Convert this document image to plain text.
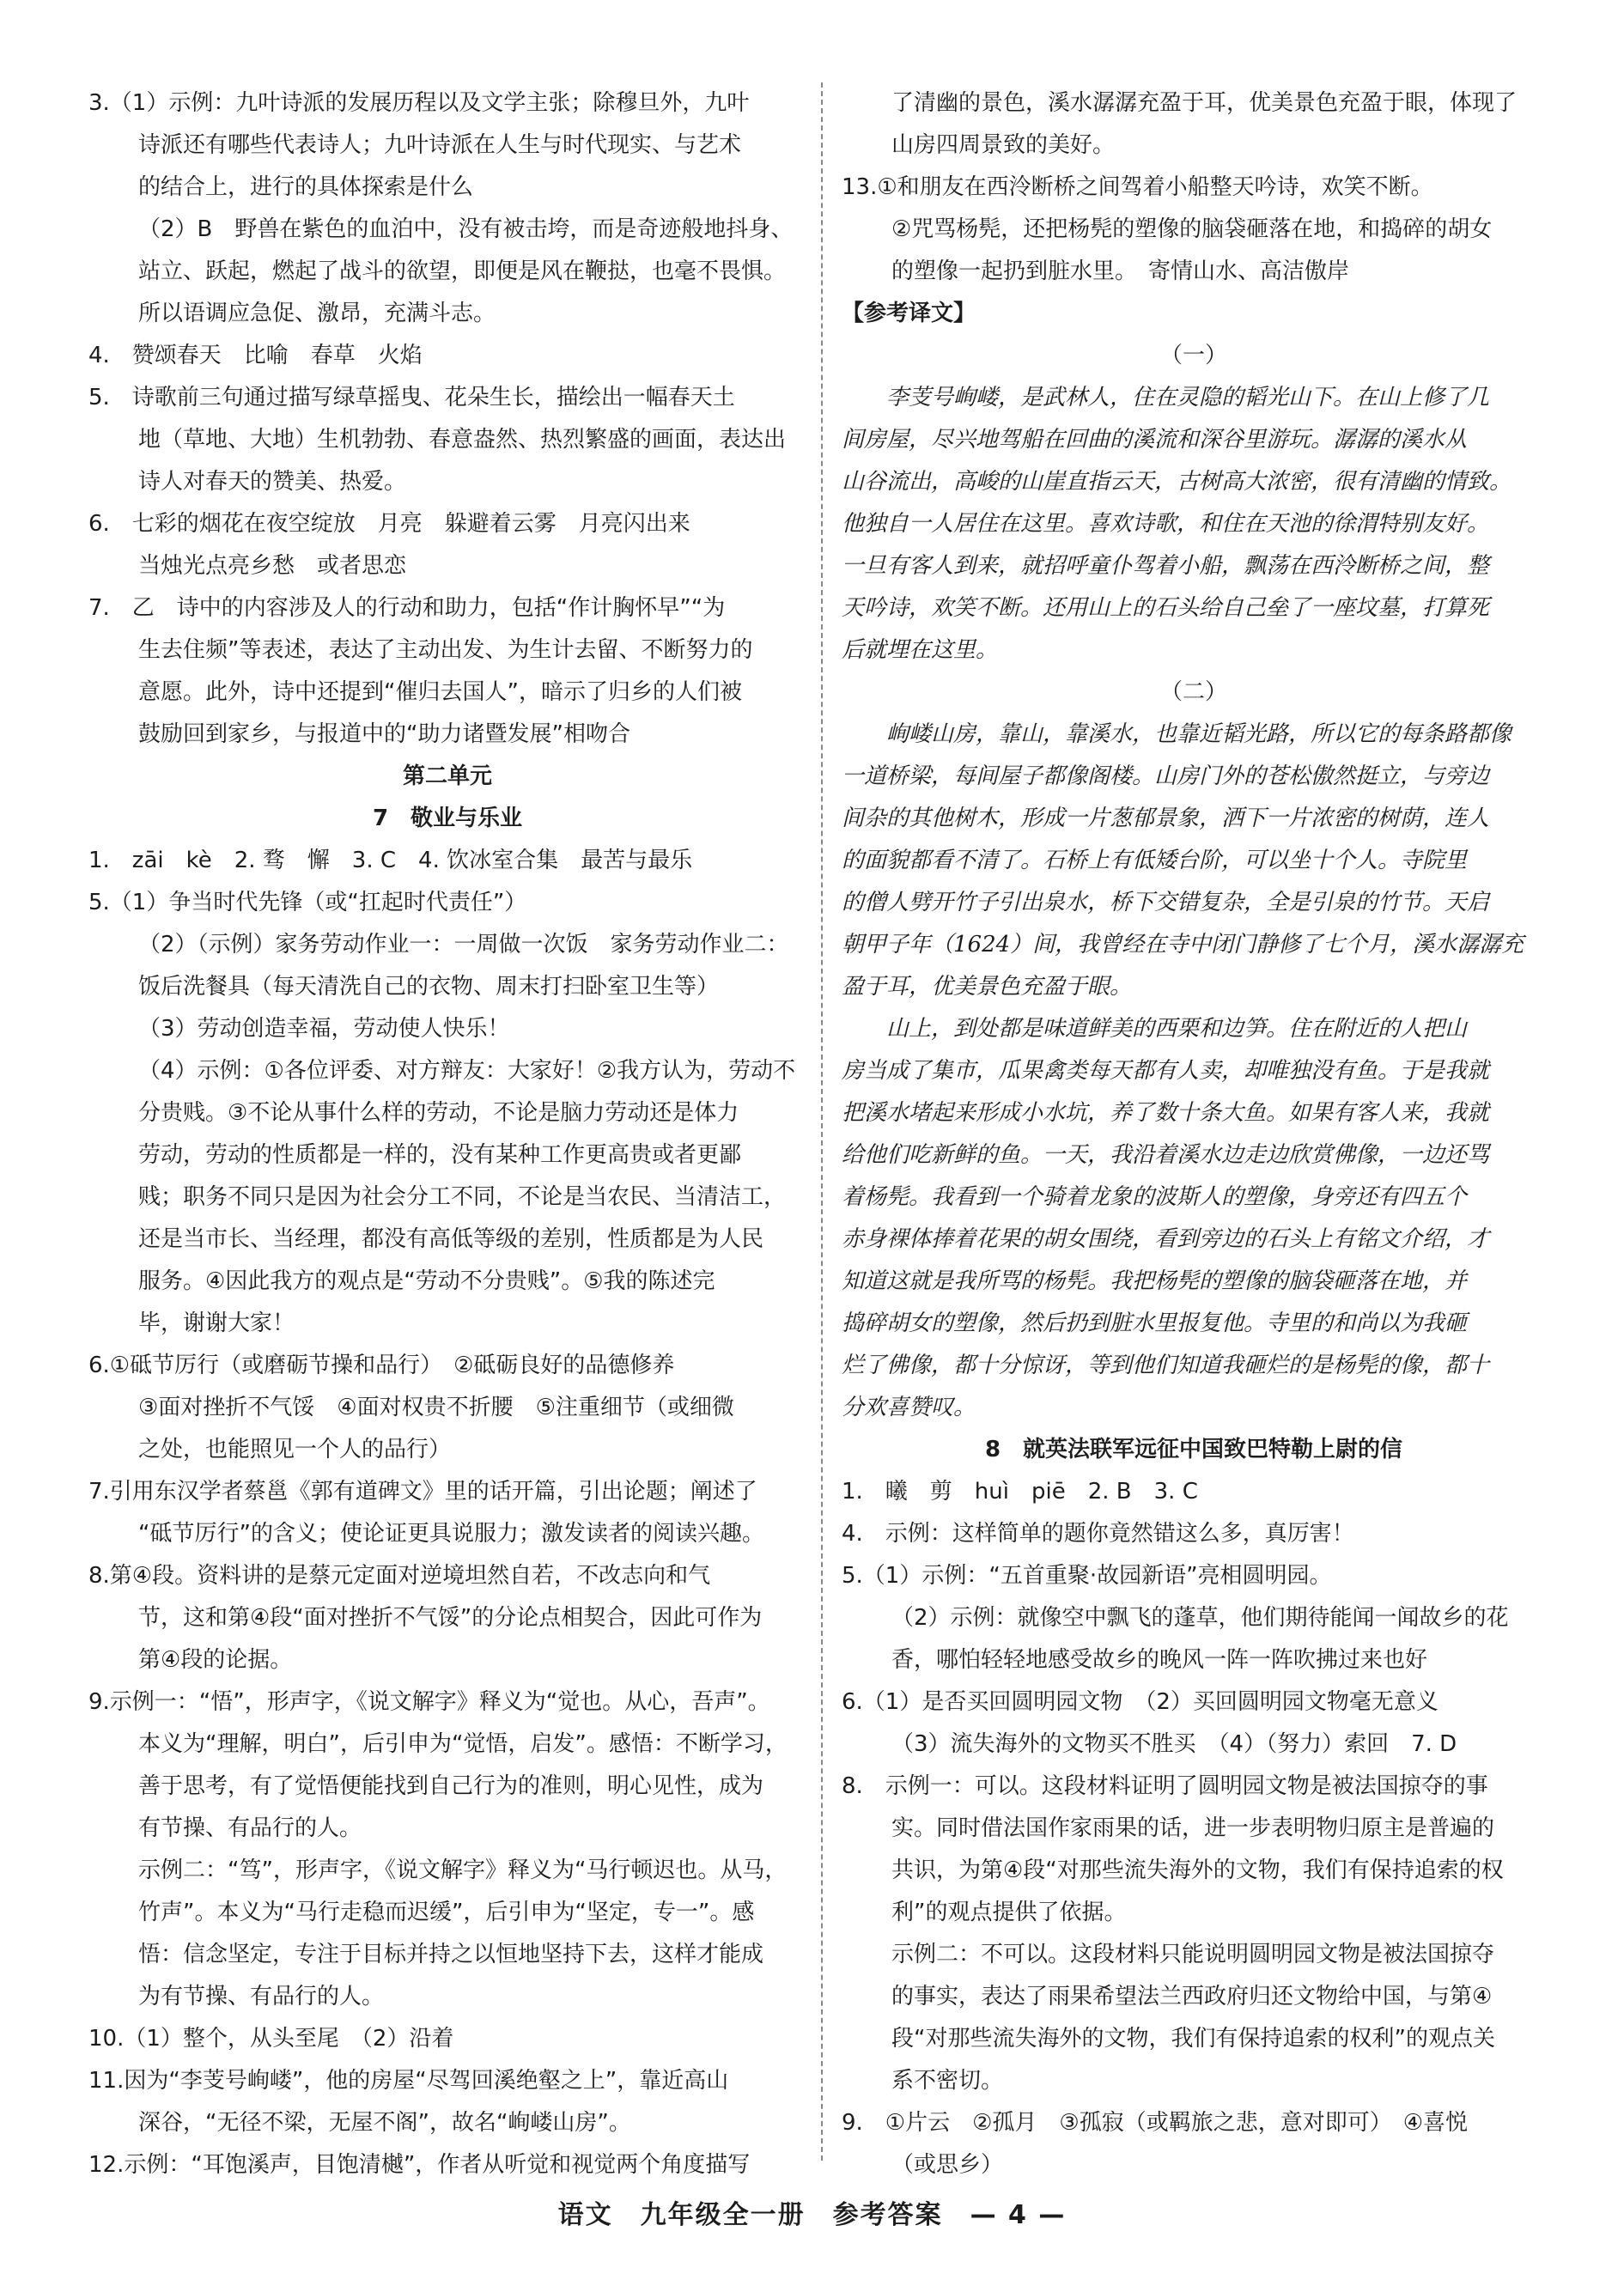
3.（1）示例：九叶诗派的发展历程以及文学主张；除穆旦外，九叶

诗派还有哪些代表诗人；九叶诗派在人生与时代现实、与艺术

的结合上，进行的具体探索是什么

（2）B　野兽在紫色的血泊中，没有被击垮，而是奇迹般地抖身、

站立、跃起，燃起了战斗的欲望，即便是风在鞭挞，也毫不畏惧。

所以语调应急促、激昂，充满斗志。

4.　赞颂春天　比喻　春草　火焰

5.　诗歌前三句通过描写绿草摇曳、花朵生长，描绘出一幅春天土

地（草地、大地）生机勃勃、春意盎然、热烈繁盛的画面，表达出

诗人对春天的赞美、热爱。

6.　七彩的烟花在夜空绽放　月亮　躲避着云雾　月亮闪出来

当烛光点亮乡愁　或者思恋

7.　乙　诗中的内容涉及人的行动和助力，包括“作计胸怀早”“为

生去住频”等表述，表达了主动出发、为生计去留、不断努力的

意愿。此外，诗中还提到“催归去国人”，暗示了归乡的人们被

鼓励回到家乡，与报道中的“助力诸暨发展”相吻合

第二单元

7　敬业与乐业

1.　zāi　kè　2. 骛　懈　3. C　4. 饮冰室合集　最苦与最乐

5.（1）争当时代先锋（或“扛起时代责任”）

（2）（示例）家务劳动作业一：一周做一次饭　家务劳动作业二：

饭后洗餐具（每天清洗自己的衣物、周末打扫卧室卫生等）

（3）劳动创造幸福，劳动使人快乐！

（4）示例：①各位评委、对方辩友：大家好！②我方认为，劳动不

分贵贱。③不论从事什么样的劳动，不论是脑力劳动还是体力

劳动，劳动的性质都是一样的，没有某种工作更高贵或者更鄙

贱；职务不同只是因为社会分工不同，不论是当农民、当清洁工，

还是当市长、当经理，都没有高低等级的差别，性质都是为人民

服务。④因此我方的观点是“劳动不分贵贱”。⑤我的陈述完

毕，谢谢大家！

6.①砥节厉行（或磨砺节操和品行）　②砥砺良好的品德修养

③面对挫折不气馁　④面对权贵不折腰　⑤注重细节（或细微

之处，也能照见一个人的品行）

7.引用东汉学者蔡邕《郭有道碑文》里的话开篇，引出论题；阐述了

“砥节厉行”的含义；使论证更具说服力；激发读者的阅读兴趣。

8.第④段。资料讲的是蔡元定面对逆境坦然自若，不改志向和气

节，这和第④段“面对挫折不气馁”的分论点相契合，因此可作为

第④段的论据。

9.示例一：“悟”，形声字，《说文解字》释义为“觉也。从心，吾声”。

本义为“理解，明白”，后引申为“觉悟，启发”。感悟：不断学习，

善于思考，有了觉悟便能找到自己行为的准则，明心见性，成为

有节操、有品行的人。

示例二：“笃”，形声字，《说文解字》释义为“马行顿迟也。从马，

竹声”。本义为“马行走稳而迟缓”，后引申为“坚定，专一”。感

悟：信念坚定，专注于目标并持之以恒地坚持下去，这样才能成

为有节操、有品行的人。

10.（1）整个，从头至尾　（2）沿着

11.因为“李芰号峋嵝”，他的房屋“尽驾回溪绝壑之上”，靠近高山

深谷，“无径不梁，无屋不阁”，故名“峋嵝山房”。

12.示例：“耳饱溪声，目饱清樾”，作者从听觉和视觉两个角度描写

了清幽的景色，溪水潺潺充盈于耳，优美景色充盈于眼，体现了

山房四周景致的美好。

13.①和朋友在西泠断桥之间驾着小船整天吟诗，欢笑不断。

②咒骂杨髡，还把杨髡的塑像的脑袋砸落在地，和捣碎的胡女

的塑像一起扔到脏水里。　寄情山水、高洁傲岸

【参考译文】

（一）

李芰号峋嵝，是武林人，住在灵隐的韬光山下。在山上修了几

间房屋，尽兴地驾船在回曲的溪流和深谷里游玩。潺潺的溪水从

山谷流出，高峻的山崖直指云天，古树高大浓密，很有清幽的情致。

他独自一人居住在这里。喜欢诗歌，和住在天池的徐渭特别友好。

一旦有客人到来，就招呼童仆驾着小船，飘荡在西泠断桥之间，整

天吟诗，欢笑不断。还用山上的石头给自己垒了一座坟墓，打算死

后就埋在这里。

（二）

峋嵝山房，靠山，靠溪水，也靠近韬光路，所以它的每条路都像

一道桥梁，每间屋子都像阁楼。山房门外的苍松傲然挺立，与旁边

间杂的其他树木，形成一片葱郁景象，洒下一片浓密的树荫，连人

的面貌都看不清了。石桥上有低矮台阶，可以坐十个人。寺院里

的僧人劈开竹子引出泉水，桥下交错复杂，全是引泉的竹节。天启

朝甲子年（1624）间，我曾经在寺中闭门静修了七个月，溪水潺潺充

盈于耳，优美景色充盈于眼。

山上，到处都是味道鲜美的西栗和边笋。住在附近的人把山

房当成了集市，瓜果禽类每天都有人卖，却唯独没有鱼。于是我就

把溪水堵起来形成小水坑，养了数十条大鱼。如果有客人来，我就

给他们吃新鲜的鱼。一天，我沿着溪水边走边欣赏佛像，一边还骂

着杨髡。我看到一个骑着龙象的波斯人的塑像，身旁还有四五个

赤身裸体捧着花果的胡女围绕，看到旁边的石头上有铭文介绍，才

知道这就是我所骂的杨髡。我把杨髡的塑像的脑袋砸落在地，并

捣碎胡女的塑像，然后扔到脏水里报复他。寺里的和尚以为我砸

烂了佛像，都十分惊讶，等到他们知道我砸烂的是杨髡的像，都十

分欢喜赞叹。

8　就英法联军远征中国致巴特勒上尉的信

1.　曦　剪　huì　piē　2. B　3. C

4.　示例：这样简单的题你竟然错这么多，真厉害！

5.（1）示例：“五首重聚·故园新语”亮相圆明园。

（2）示例：就像空中飘飞的蓬草，他们期待能闻一闻故乡的花

香，哪怕轻轻地感受故乡的晚风一阵一阵吹拂过来也好

6.（1）是否买回圆明园文物　（2）买回圆明园文物毫无意义

（3）流失海外的文物买不胜买　（4）（努力）索回　7. D

8.　示例一：可以。这段材料证明了圆明园文物是被法国掠夺的事

实。同时借法国作家雨果的话，进一步表明物归原主是普遍的

共识，为第④段“对那些流失海外的文物，我们有保持追索的权

利”的观点提供了依据。

示例二：不可以。这段材料只能说明圆明园文物是被法国掠夺

的事实，表达了雨果希望法兰西政府归还文物给中国，与第④

段“对那些流失海外的文物，我们有保持追索的权利”的观点关

系不密切。

9.　①片云　②孤月　③孤寂（或羁旅之悲，意对即可）　④喜悦

（或思乡）

语文　九年级全一册　参考答案　— 4 —
